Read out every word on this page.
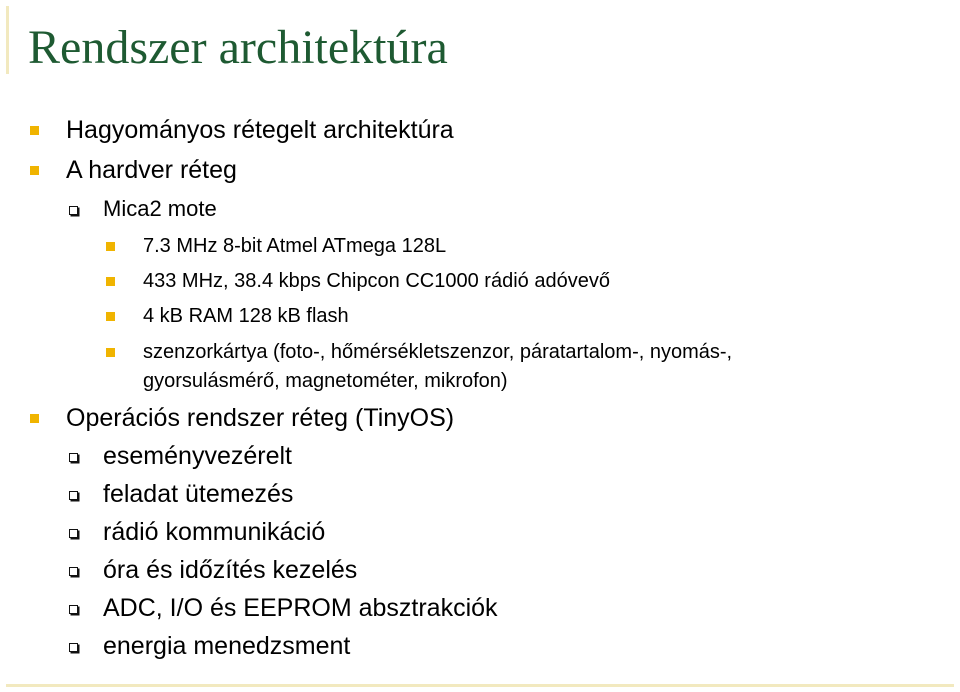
Rendszer architektúra
Hagyományos rétegelt architektúra
A hardver réteg
Mica2 mote
7.3 MHz 8-bit Atmel ATmega 128L
433 MHz, 38.4 kbps Chipcon CC1000 rádió adóvevő
4 kB RAM 128 kB flash
szenzorkártya (foto-, hőmérsékletszenzor, páratartalom-, nyomás-,
gyorsulásmérő, magnetométer, mikrofon)
Operációs rendszer réteg (TinyOS)
eseményvezérelt
feladat ütemezés
rádió kommunikáció
óra és időzítés kezelés
ADC, I/O és EEPROM absztrakciók
energia menedzsment
